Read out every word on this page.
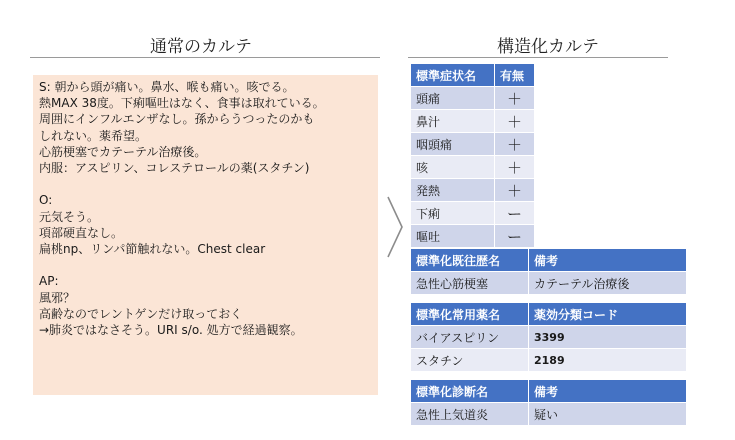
通常のカルテ	構造化カルテ
S: 朝から頭が痛い。鼻水、喉も痛い。咳でる。
熱MAX 38度。下痢嘔吐はなく、食事は取れている。
周囲にインフルエンザなし。孫からうつったのかも
しれない。薬希望。
心筋梗塞でカテーテル治療後。
内服：アスピリン、コレステロールの薬(スタチン)

O:
元気そう。
項部硬直なし。
扁桃np、リンパ節触れない。Chest clear

AP:
風邪？
高齢なのでレントゲンだけ取っておく
→肺炎ではなさそう。URI s/o. 処方で経過観察。
標準症状名	有無
頭痛	＋
鼻汁	＋
咽頭痛	＋
咳	＋
発熱	＋
下痢	ー
嘔吐	ー
標準化既往歴名	備考
急性心筋梗塞	カテーテル治療後
標準化常用薬名	薬効分類コード
バイアスピリン	3399
スタチン	2189
標準化診断名	備考
急性上気道炎	疑い
